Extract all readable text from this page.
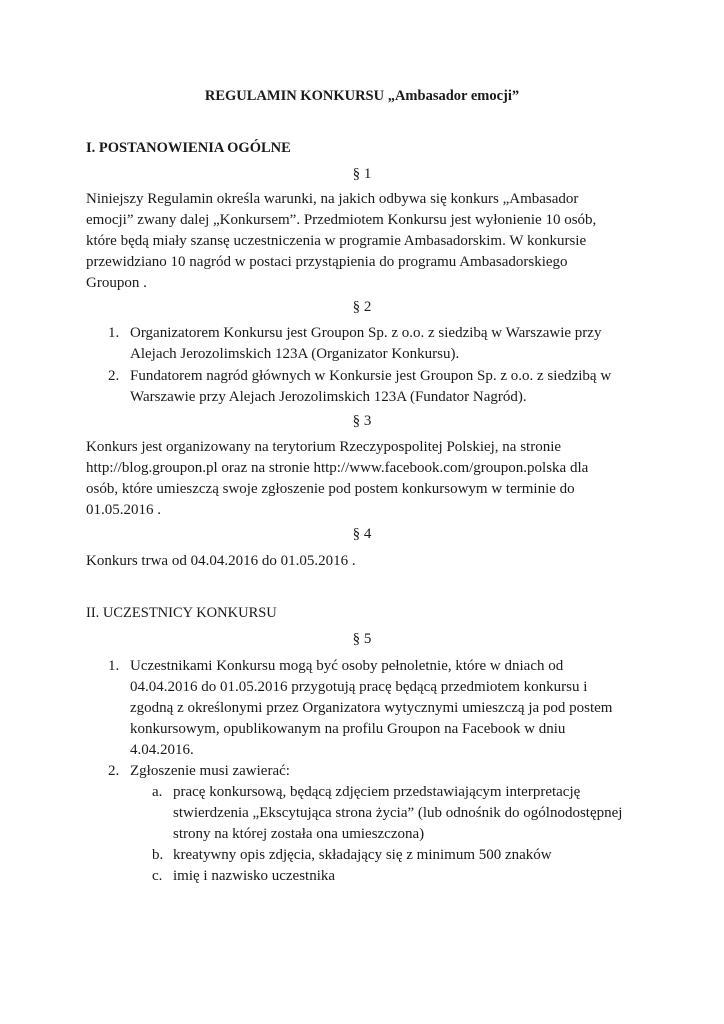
REGULAMIN KONKURSU „Ambasador emocji”
I. POSTANOWIENIA OGÓLNE
§ 1
Niniejszy Regulamin określa warunki, na jakich odbywa się konkurs „Ambasador
emocji” zwany dalej „Konkursem”. Przedmiotem Konkursu jest wyłonienie 10 osób,
które będą miały szansę uczestniczenia w programie Ambasadorskim. W konkursie
przewidziano 10 nagród w postaci przystąpienia do programu Ambasadorskiego
Groupon .
§ 2
1. Organizatorem Konkursu jest Groupon Sp. z o.o. z siedzibą w Warszawie przy
Alejach Jerozolimskich 123A (Organizator Konkursu).
2. Fundatorem nagród głównych w Konkursie jest Groupon Sp. z o.o. z siedzibą w
Warszawie przy Alejach Jerozolimskich 123A (Fundator Nagród).
§ 3
Konkurs jest organizowany na terytorium Rzeczypospolitej Polskiej, na stronie
http://blog.groupon.pl oraz na stronie http://www.facebook.com/groupon.polska dla
osób, które umieszczą swoje zgłoszenie pod postem konkursowym w terminie do
01.05.2016 .
§ 4
Konkurs trwa od 04.04.2016 do 01.05.2016 .
II. UCZESTNICY KONKURSU
§ 5
1. Uczestnikami Konkursu mogą być osoby pełnoletnie, które w dniach od
04.04.2016 do 01.05.2016 przygotują pracę będącą przedmiotem konkursu i
zgodną z określonymi przez Organizatora wytycznymi umieszczą ja pod postem
konkursowym, opublikowanym na profilu Groupon na Facebook w dniu
4.04.2016.
2. Zgłoszenie musi zawierać:
a. pracę konkursową, będącą zdjęciem przedstawiającym interpretację
stwierdzenia „Ekscytująca strona życia” (lub odnośnik do ogólnodostępnej
strony na której została ona umieszczona)
b. kreatywny opis zdjęcia, składający się z minimum 500 znaków
c. imię i nazwisko uczestnika
